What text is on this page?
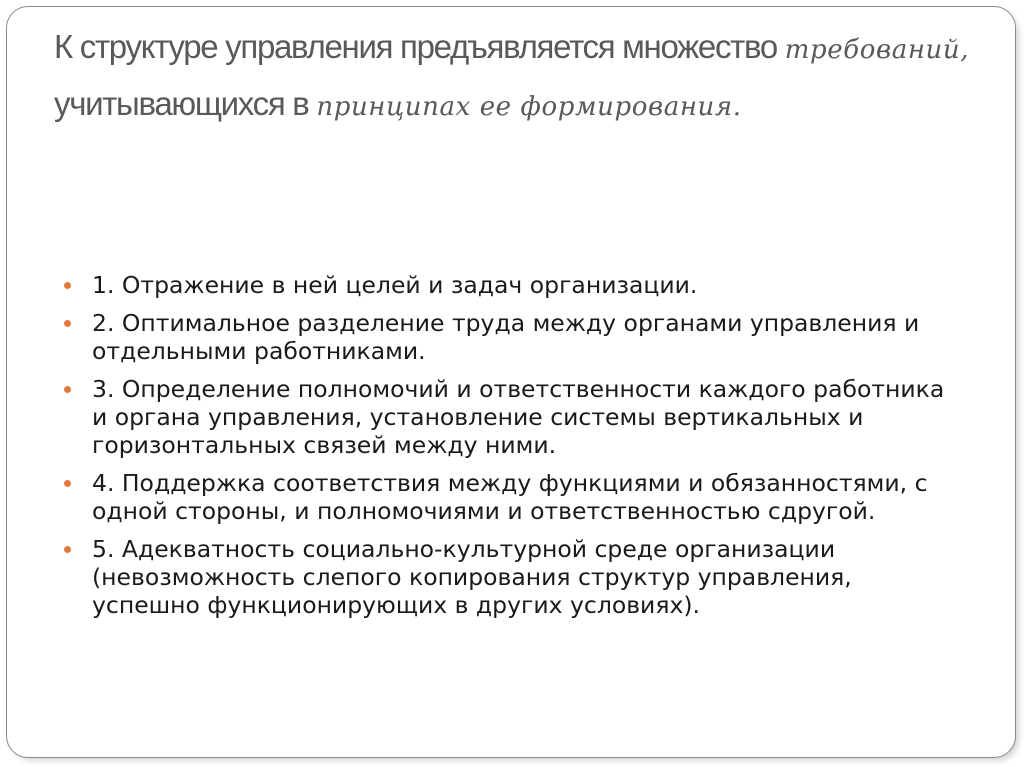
К структуре управления предъявляется множество требований, учитывающихся в принципах ее формирования.
1. Отражение в ней целей и задач организации.
2. Оптимальное разделение труда между органами управления и отдельными работниками.
3. Определение полномочий и ответственности каждого работника и органа управления, установление системы вертикальных и горизонтальных связей между ними.
4. Поддержка соответствия между функциями и обязанностями, с одной стороны, и полномочиями и ответственностью сдругой.
5. Адекватность социально-культурной среде организации (невозможность слепого копирования структур управления, успешно функционирующих в других условиях).
